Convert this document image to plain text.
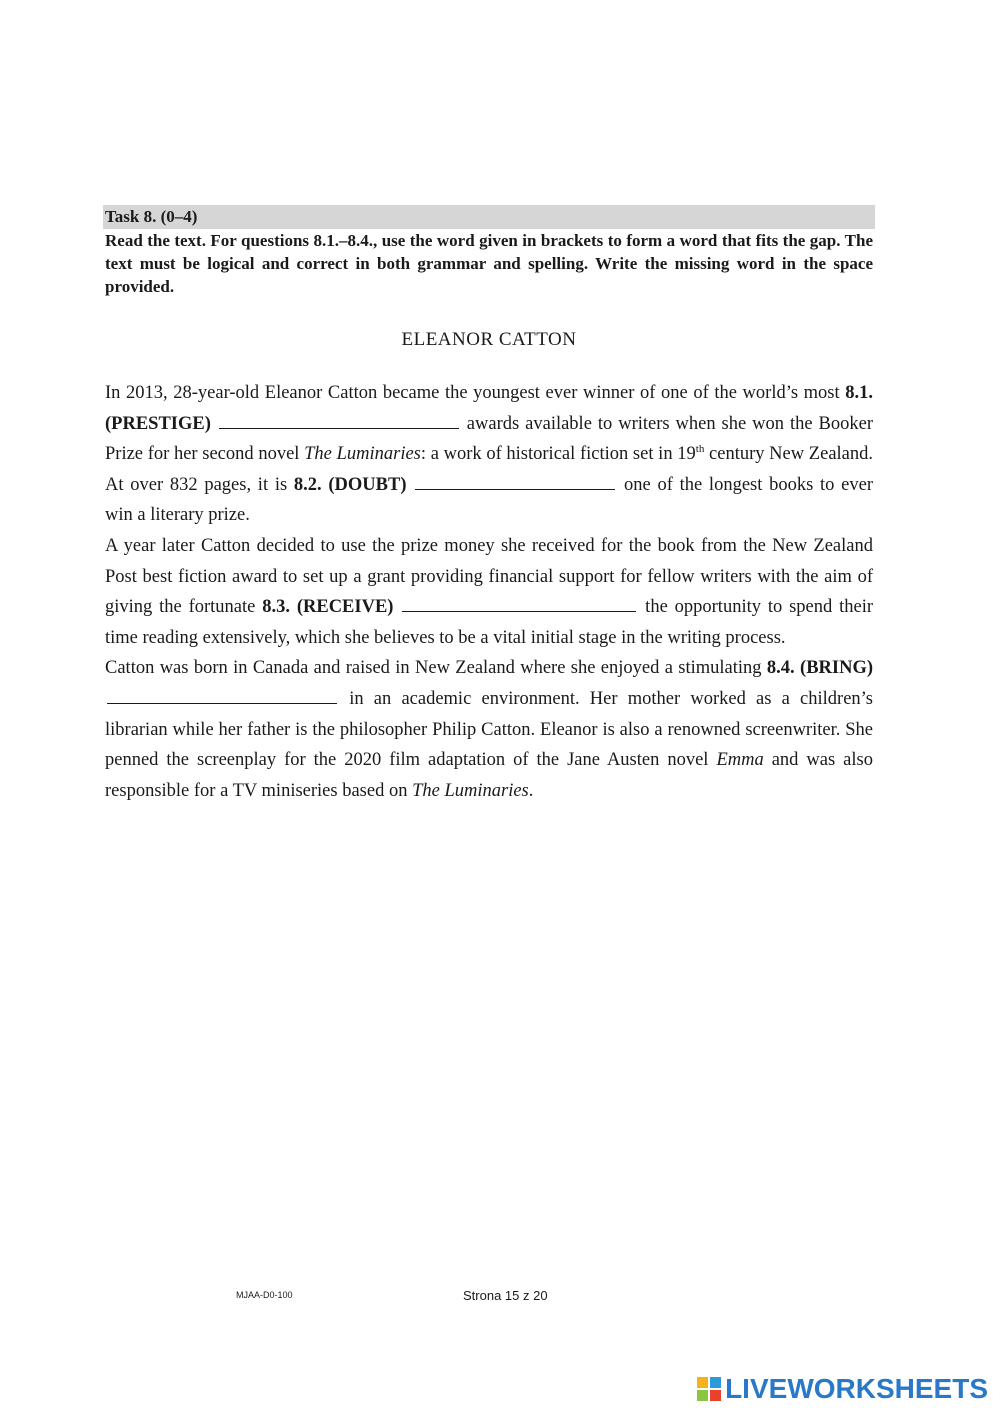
Task 8. (0–4)
Read the text. For questions 8.1.–8.4., use the word given in brackets to form a word that fits the gap. The text must be logical and correct in both grammar and spelling. Write the missing word in the space provided.
ELEANOR CATTON

In 2013, 28-year-old Eleanor Catton became the youngest ever winner of one of the world’s most 8.1. (PRESTIGE)	awards available to writers when she won the Booker Prize for her second novel The Luminaries: a work of historical fiction set in 19th century New Zealand. At over 832 pages, it is 8.2. (DOUBT)	one of the longest books to ever win a literary prize.

A year later Catton decided to use the prize money she received for the book from the New Zealand Post best fiction award to set up a grant providing financial support for fellow writers with the aim of giving the fortunate 8.3. (RECEIVE)	the opportunity to spend their time reading extensively, which she believes to be a vital initial stage in the writing process.

Catton was born in Canada and raised in New Zealand where she enjoyed a stimulating 8.4. (BRING)  in an academic environment. Her mother worked as a children’s librarian while her father is the philosopher Philip Catton. Eleanor is also a renowned screenwriter. She penned the screenplay for the 2020 film adaptation of the Jane Austen novel Emma and was also responsible for a TV miniseries based on The Luminaries.

MJAA-D0-100	Strona 15 z 20
LIVEWORKSHEETS
